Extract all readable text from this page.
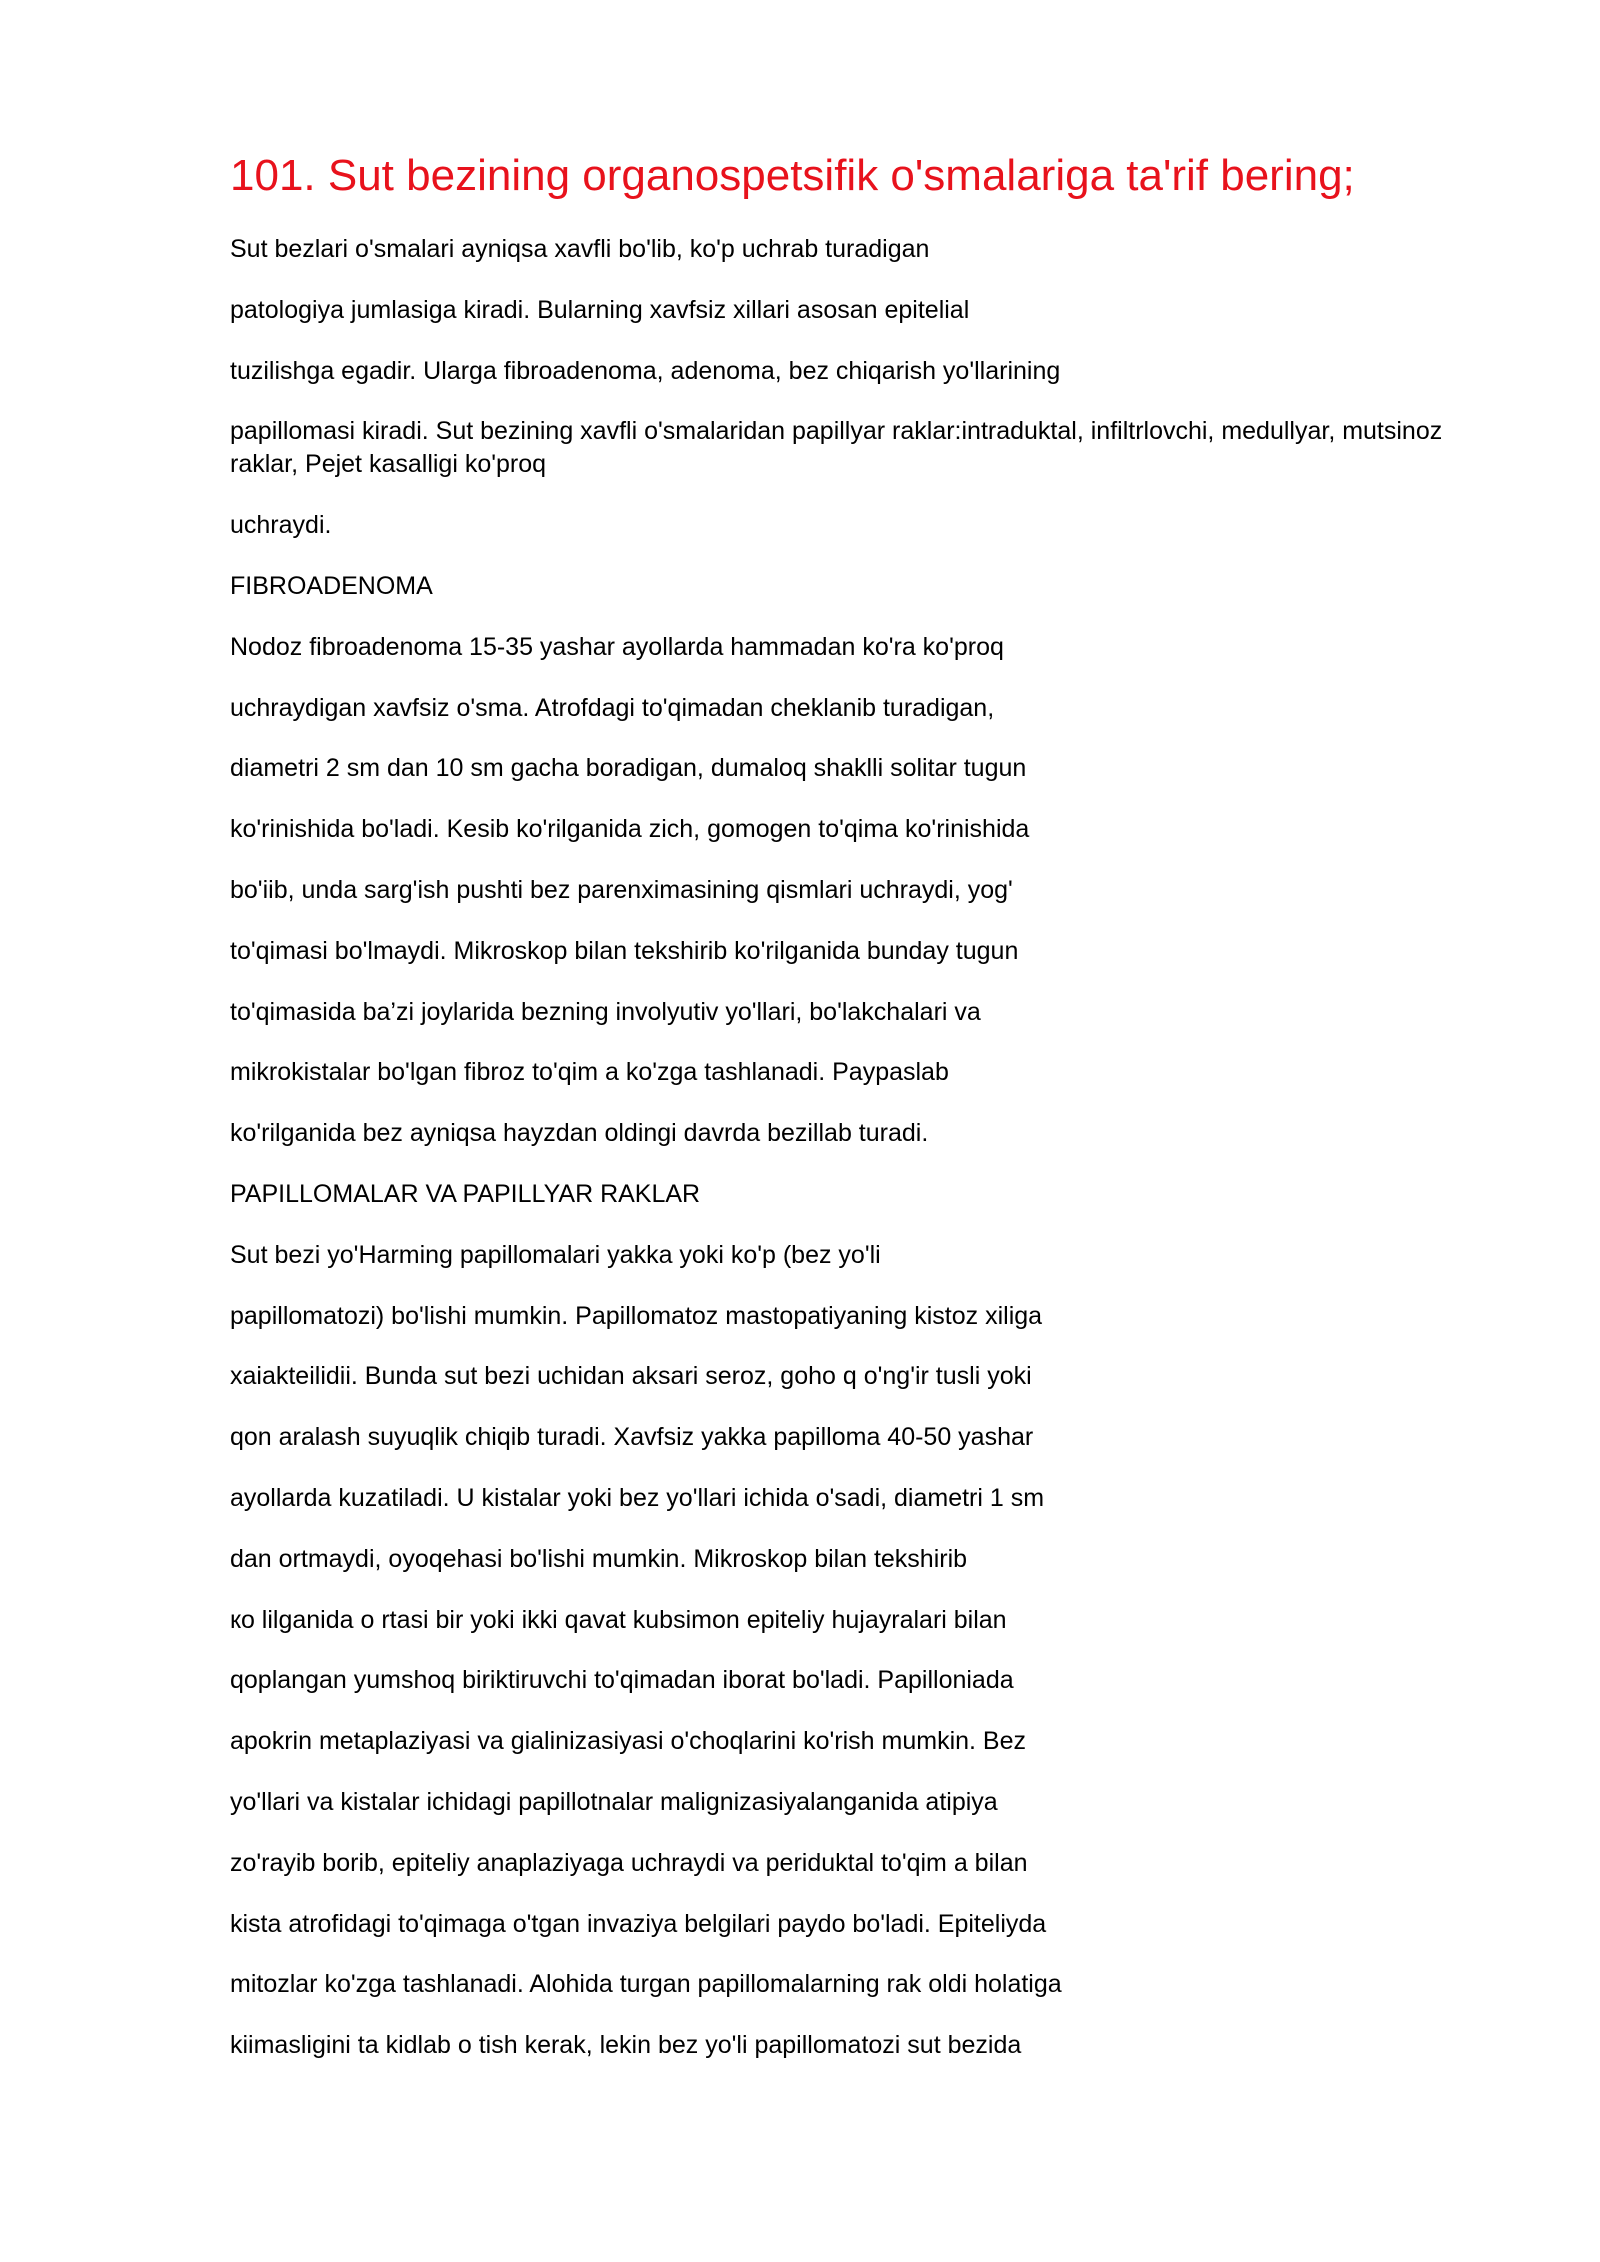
101. Sut bezining organospetsifik o'smalariga ta'rif bering;

Sut bezlari o'smalari ayniqsa xavfli bo'lib, ko'p uchrab turadigan

patologiya jumlasiga kiradi. Bularning xavfsiz xillari asosan epitelial

tuzilishga egadir. Ularga fibroadenoma, adenoma, bez chiqarish yo'llarining

papillomasi kiradi. Sut bezining xavfli o'smalaridan papillyar raklar:intraduktal, infiltrlovchi, medullyar, mutsinoz raklar, Pejet kasalligi ko'proq

uchraydi.

FIBROADENOMA

Nodoz fibroadenoma 15-35 yashar ayollarda hammadan ko'ra ko'proq

uchraydigan xavfsiz o'sma. Atrofdagi to'qimadan cheklanib turadigan,

diametri 2 sm dan 10 sm gacha boradigan, dumaloq shaklli solitar tugun

ko'rinishida bo'ladi. Kesib ko'rilganida zich, gomogen to'qima ko'rinishida

bo'iib, unda sarg'ish pushti bez parenximasining qismlari uchraydi, yog'

to'qimasi bo'lmaydi. Mikroskop bilan tekshirib ko'rilganida bunday tugun

to'qimasida ba’zi joylarida bezning involyutiv yo'llari, bo'lakchalari va

mikrokistalar bo'lgan fibroz to'qim a ko'zga tashlanadi. Paypaslab

ko'rilganida bez ayniqsa hayzdan oldingi davrda bezillab turadi.

PAPILLOMALAR VA PAPILLYAR RAKLAR

Sut bezi yo'Harming papillomalari yakka yoki ko'p (bez yo'li

papillomatozi) bo'lishi mumkin. Papillomatoz mastopatiyaning kistoz xiliga

xaiakteilidii. Bunda sut bezi uchidan aksari seroz, goho q o'ng'ir tusli yoki

qon aralash suyuqlik chiqib turadi. Xavfsiz yakka papilloma 40-50 yashar

ayollarda kuzatiladi. U kistalar yoki bez yo'llari ichida o'sadi, diametri 1 sm

dan ortmaydi, oyoqehasi bo'lishi mumkin. Mikroskop bilan tekshirib

кo lilganida o rtasi bir yoki ikki qavat kubsimon epiteliy hujayralari bilan

qoplangan yumshoq biriktiruvchi to'qimadan iborat bo'ladi. Papilloniada

apokrin metaplaziyasi va gialinizasiyasi o'choqlarini ko'rish mumkin. Bez

yo'llari va kistalar ichidagi papillotnalar malignizasiyalanganida atipiya

zo'rayib borib, epiteliy anaplaziyaga uchraydi va periduktal to'qim a bilan

kista atrofidagi to'qimaga o'tgan invaziya belgilari paydo bo'ladi. Epiteliyda

mitozlar ko'zga tashlanadi. Alohida turgan papillomalarning rak oldi holatiga

kiimasligini ta kidlab o tish kerak, lekin bez yo'li papillomatozi sut bezida
